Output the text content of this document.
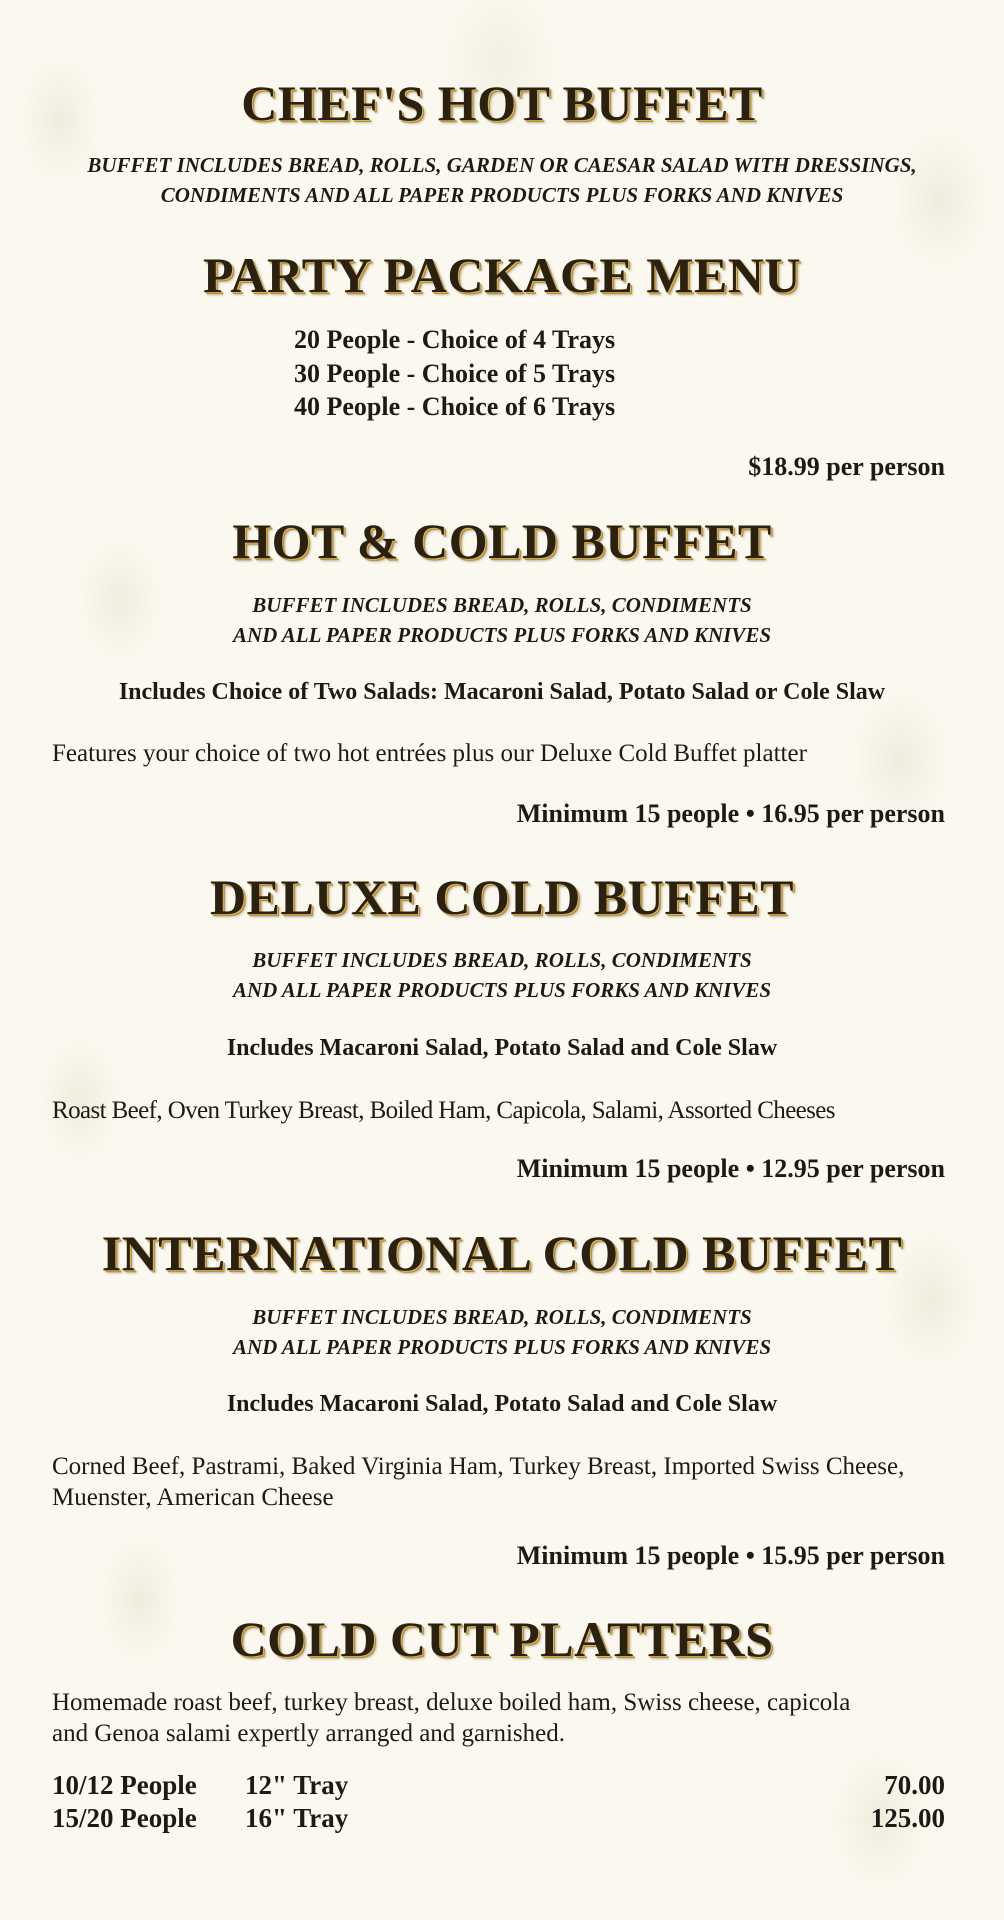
CHEF'S HOT BUFFET
BUFFET INCLUDES BREAD, ROLLS, GARDEN OR CAESAR SALAD WITH DRESSINGS,
CONDIMENTS AND ALL PAPER PRODUCTS PLUS FORKS AND KNIVES
PARTY PACKAGE MENU
20 People - Choice of 4 Trays
30 People - Choice of 5 Trays
40 People - Choice of 6 Trays
$18.99 per person
HOT & COLD BUFFET
BUFFET INCLUDES BREAD, ROLLS, CONDIMENTS
AND ALL PAPER PRODUCTS PLUS FORKS AND KNIVES
Includes Choice of Two Salads: Macaroni Salad, Potato Salad or Cole Slaw
Features your choice of two hot entrées plus our Deluxe Cold Buffet platter
Minimum 15 people • 16.95 per person
DELUXE COLD BUFFET
BUFFET INCLUDES BREAD, ROLLS, CONDIMENTS
AND ALL PAPER PRODUCTS PLUS FORKS AND KNIVES
Includes Macaroni Salad, Potato Salad and Cole Slaw
Roast Beef, Oven Turkey Breast, Boiled Ham, Capicola, Salami, Assorted Cheeses
Minimum 15 people • 12.95 per person
INTERNATIONAL COLD BUFFET
BUFFET INCLUDES BREAD, ROLLS, CONDIMENTS
AND ALL PAPER PRODUCTS PLUS FORKS AND KNIVES
Includes Macaroni Salad, Potato Salad and Cole Slaw
Corned Beef, Pastrami, Baked Virginia Ham, Turkey Breast, Imported Swiss Cheese,
Muenster, American Cheese
Minimum 15 people • 15.95 per person
COLD CUT PLATTERS
Homemade roast beef, turkey breast, deluxe boiled ham, Swiss cheese, capicola
and Genoa salami expertly arranged and garnished.
10/12 People	12" Tray	70.00
15/20 People	16" Tray	125.00
